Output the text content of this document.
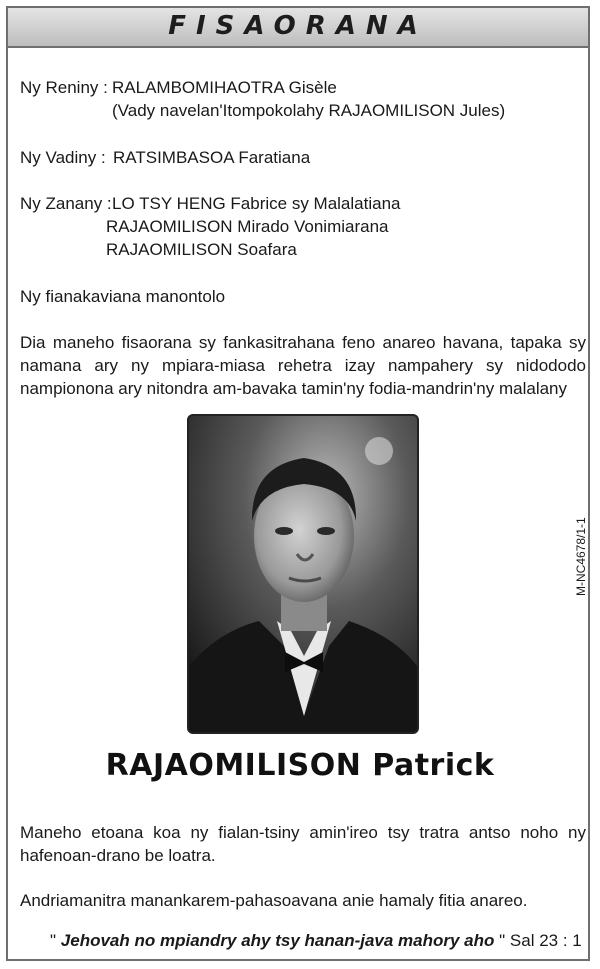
FISAORANA
Ny Reniny : RALAMBOMIHAOTRA Gisèle
(Vady navelan'Itompokolahy RAJAOMILISON Jules)
Ny Vadiny : RATSIMBASOA Faratiana
Ny Zanany : LO TSY HENG Fabrice sy Malalatiana
RAJAOMILISON Mirado Vonimiarana
RAJAOMILISON Soafara
Ny fianakaviana manontolo
Dia maneho fisaorana sy fankasitrahana feno anareo havana, tapaka sy namana ary ny mpiara-miasa rehetra izay nampahery sy nidododo nampionona ary nitondra am-bavaka tamin'ny fodia-mandrin'ny malalany
RAJAOMILISON Patrick
M-NC4678/1-1
Maneho etoana koa ny fialan-tsiny amin'ireo tsy tratra antso noho ny hafenoan-drano be loatra.
Andriamanitra manankarem-pahasoavana anie hamaly fitia anareo.
" Jehovah no mpiandry ahy tsy hanan-java mahory aho " Sal 23 : 1
